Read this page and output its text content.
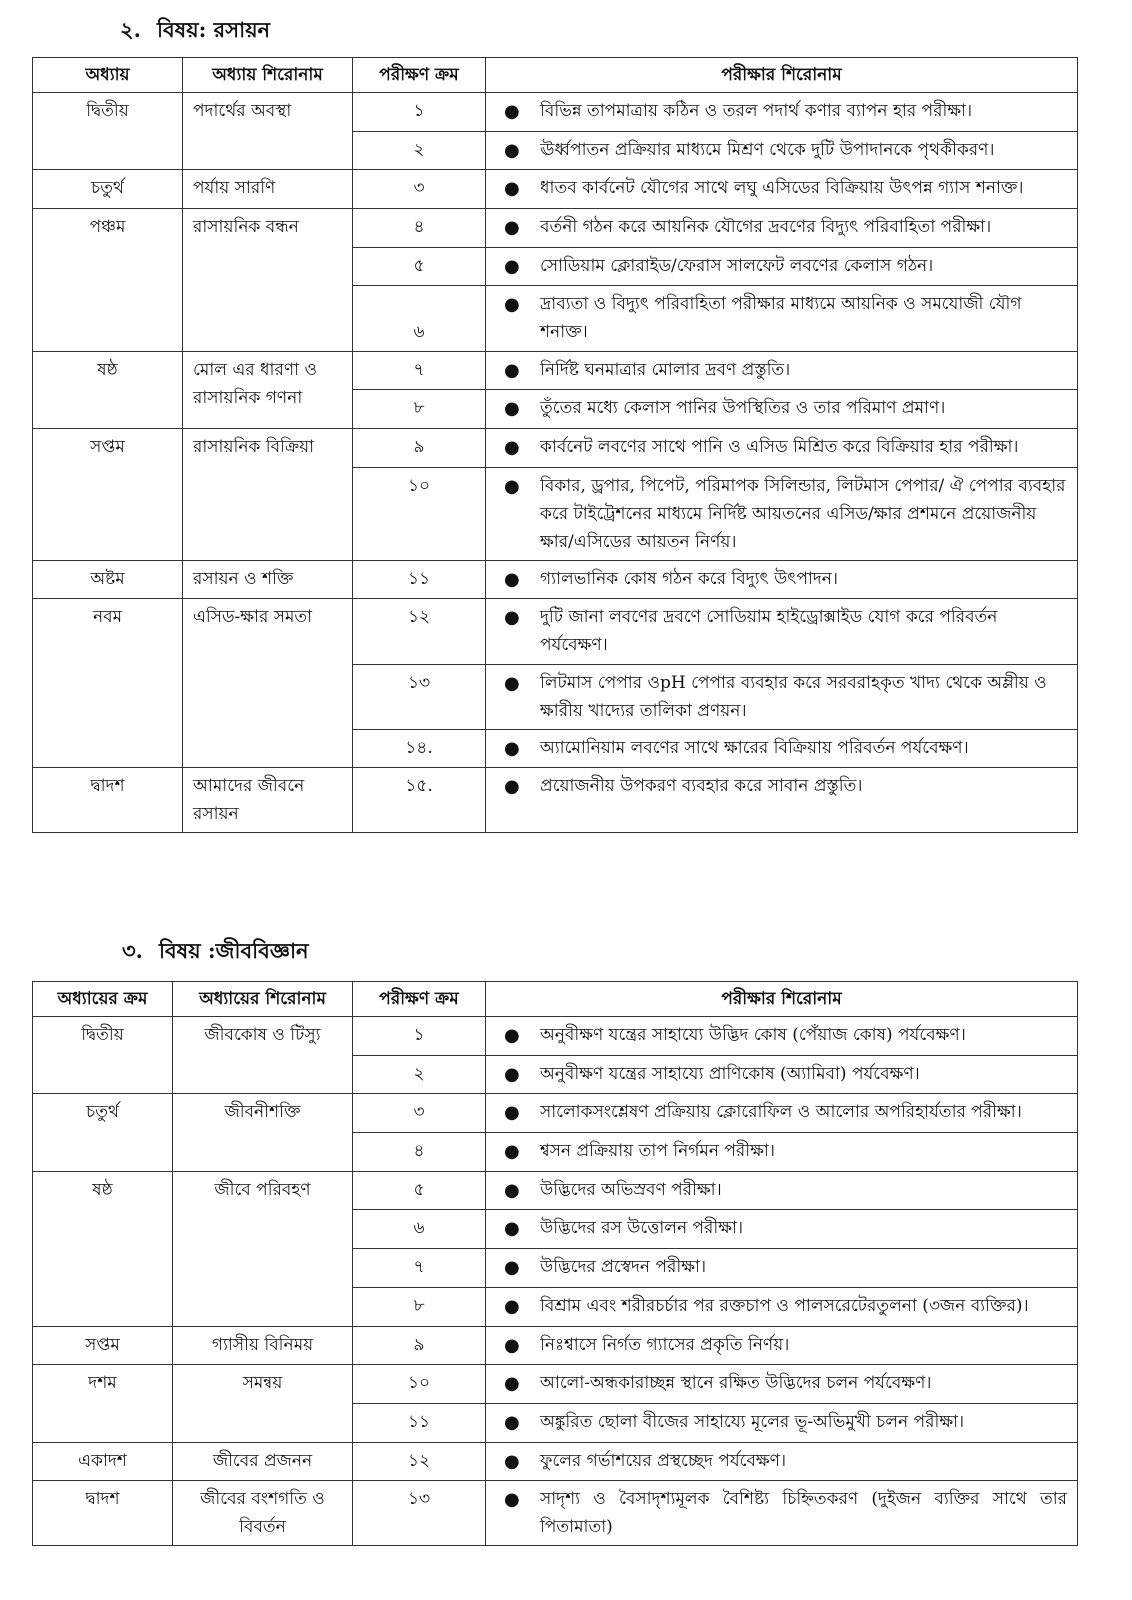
২. বিষয়: রসায়ন
অধ্যায়	অধ্যায় শিরোনাম	পরীক্ষণ ক্রম	পরীক্ষার শিরোনাম
দ্বিতীয়	পদার্থের অবস্থা	১	● বিভিন্ন তাপমাত্রায় কঠিন ও তরল পদার্থ কণার ব্যাপন হার পরীক্ষা।

		২	● ঊর্ধ্বপাতন প্রক্রিয়ার মাধ্যমে মিশ্রণ থেকে দুটি উপাদানকে পৃথকীকরণ।

চতুর্থ	পর্যায় সারণি	৩	● ধাতব কার্বনেট যৌগের সাথে লঘু এসিডের বিক্রিয়ায় উৎপন্ন গ্যাস শনাক্ত।

পঞ্চম	রাসায়নিক বন্ধন	৪	● বর্তনী গঠন করে আয়নিক যৌগের দ্রবণের বিদ্যুৎ পরিবাহিতা পরীক্ষা।

		৫	● সোডিয়াম ক্লোরাইড/ফেরাস সালফেট লবণের কেলাস গঠন।

		৬	● দ্রাব্যতা ও বিদ্যুৎ পরিবাহিতা পরীক্ষার মাধ্যমে আয়নিক ও সমযোজী যৌগ শনাক্ত।

ষষ্ঠ	মোল এর ধারণা ও রাসায়নিক গণনা	৭	● নির্দিষ্ট ঘনমাত্রার মোলার দ্রবণ প্রস্তুতি।

		৮	● তুঁতের মধ্যে কেলাস পানির উপস্থিতির ও তার পরিমাণ প্রমাণ।

সপ্তম	রাসায়নিক বিক্রিয়া	৯	● কার্বনেট লবণের সাথে পানি ও এসিড মিশ্রিত করে বিক্রিয়ার হার পরীক্ষা।

		১০	● বিকার, ড্রপার, পিপেট, পরিমাপক সিলিন্ডার, লিটমাস পেপার/ ঐ পেপার ব্যবহার করে টাইট্রেশনের মাধ্যমে নির্দিষ্ট আয়তনের এসিড/ক্ষার প্রশমনে প্রয়োজনীয় ক্ষার/এসিডের আয়তন নির্ণয়।

অষ্টম	রসায়ন ও শক্তি	১১	● গ্যালভানিক কোষ গঠন করে বিদ্যুৎ উৎপাদন।

নবম	এসিড-ক্ষার সমতা	১২	● দুটি জানা লবণের দ্রবণে সোডিয়াম হাইড্রোক্সাইড যোগ করে পরিবর্তন পর্যবেক্ষণ।

		১৩	● লিটমাস পেপার ওpH পেপার ব্যবহার করে সরবরাহকৃত খাদ্য থেকে অম্লীয় ও ক্ষারীয় খাদ্যের তালিকা প্রণয়ন।

		১৪.	● অ্যামোনিয়াম লবণের সাথে ক্ষারের বিক্রিয়ায় পরিবর্তন পর্যবেক্ষণ।

দ্বাদশ	আমাদের জীবনে রসায়ন	১৫.	● প্রয়োজনীয় উপকরণ ব্যবহার করে সাবান প্রস্তুতি।
৩. বিষয় :জীববিজ্ঞান
অধ্যায়ের ক্রম	অধ্যায়ের শিরোনাম	পরীক্ষণ ক্রম	পরীক্ষার শিরোনাম
দ্বিতীয়	জীবকোষ ও টিস্যু	১	● অনুবীক্ষণ যন্ত্রের সাহায্যে উদ্ভিদ কোষ (পেঁয়াজ কোষ) পর্যবেক্ষণ।

		২	● অনুবীক্ষণ যন্ত্রের সাহায্যে প্রাণিকোষ (অ্যামিবা) পর্যবেক্ষণ।

চতুর্থ	জীবনীশক্তি	৩	● সালোকসংশ্লেষণ প্রক্রিয়ায় ক্লোরোফিল ও আলোর অপরিহার্যতার পরীক্ষা।

		৪	● শ্বসন প্রক্রিয়ায় তাপ নির্গমন পরীক্ষা।

ষষ্ঠ	জীবে পরিবহণ	৫	● উদ্ভিদের অভিস্রবণ পরীক্ষা।

		৬	● উদ্ভিদের রস উত্তোলন পরীক্ষা।

		৭	● উদ্ভিদের প্রস্বেদন পরীক্ষা।

		৮	● বিশ্রাম এবং শরীরচর্চার পর রক্তচাপ ও পালসরেটেরতুলনা (৩জন ব্যক্তির)।

সপ্তম	গ্যাসীয় বিনিময়	৯	● নিঃশ্বাসে নির্গত গ্যাসের প্রকৃতি নির্ণয়।

দশম	সমন্বয়	১০	● আলো-অন্ধকারাচ্ছন্ন স্থানে রক্ষিত উদ্ভিদের চলন পর্যবেক্ষণ।

		১১	● অঙ্কুরিত ছোলা বীজের সাহায্যে মূলের ভূ-অভিমুখী চলন পরীক্ষা।

একাদশ	জীবের প্রজনন	১২	● ফুলের গর্ভাশয়ের প্রস্থচ্ছেদ পর্যবেক্ষণ।

দ্বাদশ	জীবের বংশগতি ও বিবর্তন	১৩	● সাদৃশ্য ও বৈসাদৃশ্যমূলক বৈশিষ্ট্য চিহ্নিতকরণ (দুইজন ব্যক্তির সাথে তার পিতামাতা)
